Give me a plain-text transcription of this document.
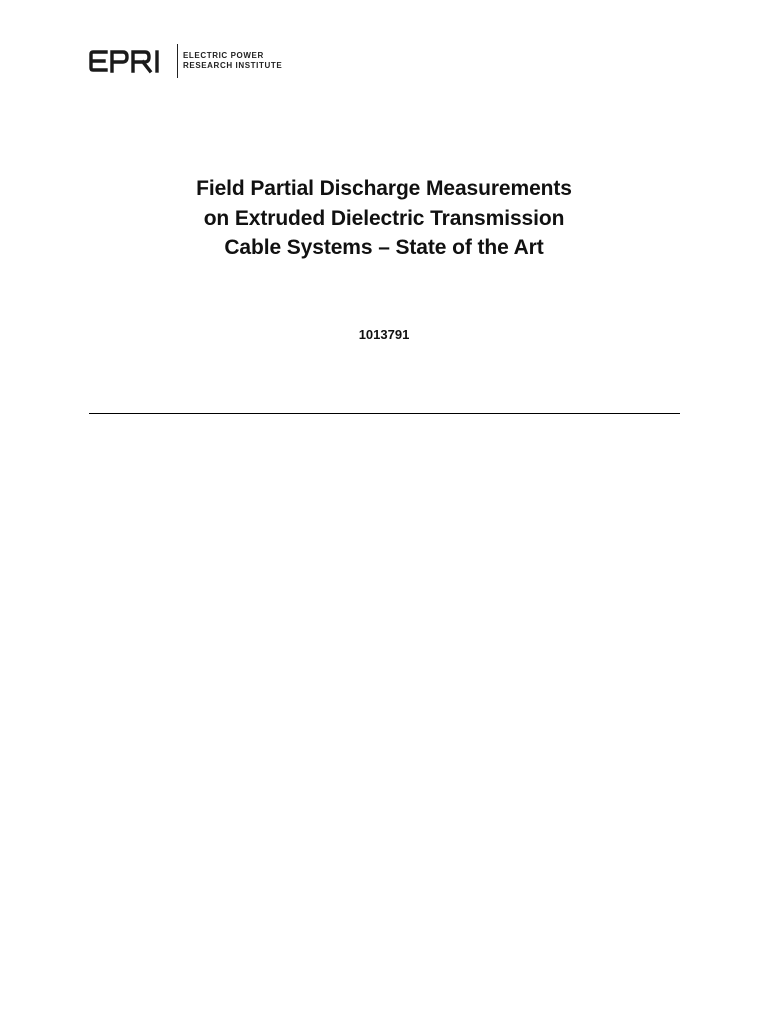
ELECTRIC POWER
RESEARCH INSTITUTE
Field Partial Discharge Measurements
on Extruded Dielectric Transmission
Cable Systems – State of the Art
1013791
